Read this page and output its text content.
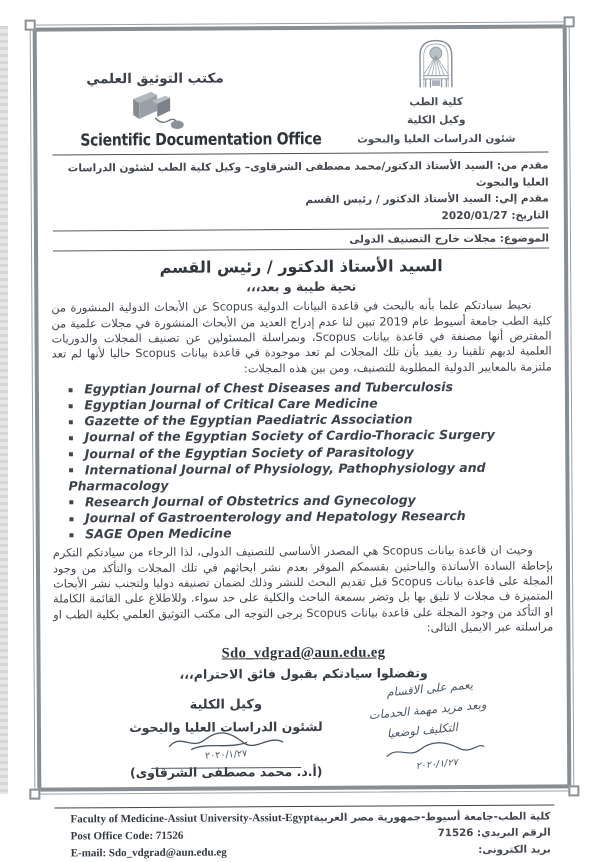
مكتب التوثيق العلمي
Scientific Documentation Office
كلية الطب
وكيل الكلية
شئون الدراسات العليا والبحوث
مقدم من: السيد الأستاذ الدكتور/محمد مصطفى الشرقاوى– وكيل كلية الطب لشئون الدراسات العليا والبحوث
مقدم إلي: السيد الأستاذ الدكتور / رئيس القسم
التاريخ: 2020/01/27
الموضوع: مجلات خارج التصنيف الدولى
السيد الأستاذ الدكتور / رئيس القسم
تحية طيبة و بعد،،،

نحيط سيادتكم علما بأنه بالبحث في قاعدة البيانات الدولية Scopus عن الأبحاث الدولية المنشورة من كلية الطب جامعة أسيوط عام 2019 تبين لنا عدم إدراج العديد من الأبحاث المنشورة في مجلات علمية من المفترض أنها مصنفة في قاعدة بيانات Scopus، وبمراسلة المسئولين عن تصنيف المجلات والدوريات العلمية لديهم تلقينا رد يفيد بأن تلك المجلات لم تعد موجودة في قاعدة بيانات Scopus حاليا لأنها لم تعد ملتزمة بالمعايير الدولية المطلوبة للتصنيف، ومن بين هذه المجلات:

▪ Egyptian Journal of Chest Diseases and Tuberculosis
▪ Egyptian Journal of Critical Care Medicine
▪ Gazette of the Egyptian Paediatric Association
▪ Journal of the Egyptian Society of Cardio-Thoracic Surgery
▪ Journal of the Egyptian Society of Parasitology
▪ International Journal of Physiology, Pathophysiology and Pharmacology
▪ Research Journal of Obstetrics and Gynecology
▪ Journal of Gastroenterology and Hepatology Research
▪ SAGE Open Medicine

وحيث ان قاعدة بيانات Scopus هي المصدر الأساسى للتصنيف الدولى، لذا الرجاء من سيادتكم التكرم بإحاطة السادة الأساتذة والباحثين بقسمكم الموقر بعدم نشر ابحاثهم في تلك المجلات والتأكد من وجود المجلة على قاعدة بيانات Scopus قبل تقديم البحث للنشر وذلك لضمان تصنيفه دوليا ولتجنب نشر الأبحاث المتميزة ف مجلات لا تليق بها بل وتضر بسمعة الباحث والكلية على حد سواء. وللاطلاع على القائمة الكاملة او التأكد من وجود المجلة على قاعدة بيانات Scopus يرجى التوجه الى مكتب التوثيق العلمي بكلية الطب او مراسلته عبر الايميل التالى:

Sdo_vdgrad@aun.edu.eg
وتفضلوا سيادتكم بقبول فائق الاحترام،،،
يعمم على الاقسام
وبعد مزيد مهمة الحدمات
التكليف لوضعيا
٢٠٢٠/١/٢٧
وكيل الكلية
لشئون الدراسات العليا والبحوث
٢٠٢٠/١/٢٧
(أ.د. محمد مصطفى الشرقاوى)
Faculty of Medicine-Assiut University-Assiut-Egypt
Post Office Code: 71526
E-mail: Sdo_vdgrad@aun.edu.eg
كلية الطب-جامعة أسيوط-جمهورية مصر العربية
الرقم البريدي: 71526
بريد الكترونى:
